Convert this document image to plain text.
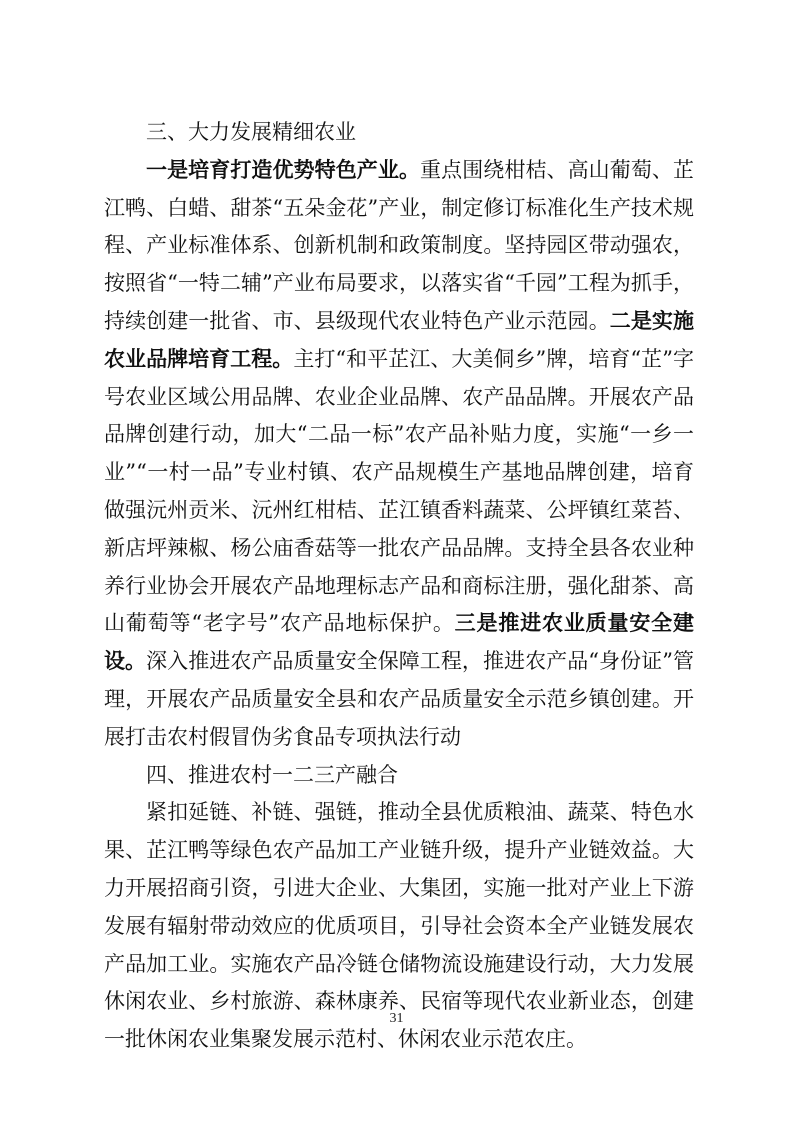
三、大力发展精细农业

一是培育打造优势特色产业。重点围绕柑桔、高山葡萄、芷江鸭、白蜡、甜茶“五朵金花”产业，制定修订标准化生产技术规程、产业标准体系、创新机制和政策制度。坚持园区带动强农，按照省“一特二辅”产业布局要求，以落实省“千园”工程为抓手，持续创建一批省、市、县级现代农业特色产业示范园。二是实施农业品牌培育工程。主打“和平芷江、大美侗乡”牌，培育“芷”字号农业区域公用品牌、农业企业品牌、农产品品牌。开展农产品品牌创建行动，加大“二品一标”农产品补贴力度，实施“一乡一业”“一村一品”专业村镇、农产品规模生产基地品牌创建，培育做强沅州贡米、沅州红柑桔、芷江镇香料蔬菜、公坪镇红菜苔、新店坪辣椒、杨公庙香菇等一批农产品品牌。支持全县各农业种养行业协会开展农产品地理标志产品和商标注册，强化甜茶、高山葡萄等“老字号”农产品地标保护。三是推进农业质量安全建设。深入推进农产品质量安全保障工程，推进农产品“身份证”管理，开展农产品质量安全县和农产品质量安全示范乡镇创建。开展打击农村假冒伪劣食品专项执法行动

四、推进农村一二三产融合

紧扣延链、补链、强链，推动全县优质粮油、蔬菜、特色水果、芷江鸭等绿色农产品加工产业链升级，提升产业链效益。大力开展招商引资，引进大企业、大集团，实施一批对产业上下游发展有辐射带动效应的优质项目，引导社会资本全产业链发展农产品加工业。实施农产品冷链仓储物流设施建设行动，大力发展休闲农业、乡村旅游、森林康养、民宿等现代农业新业态，创建一批休闲农业集聚发展示范村、休闲农业示范农庄。

31
